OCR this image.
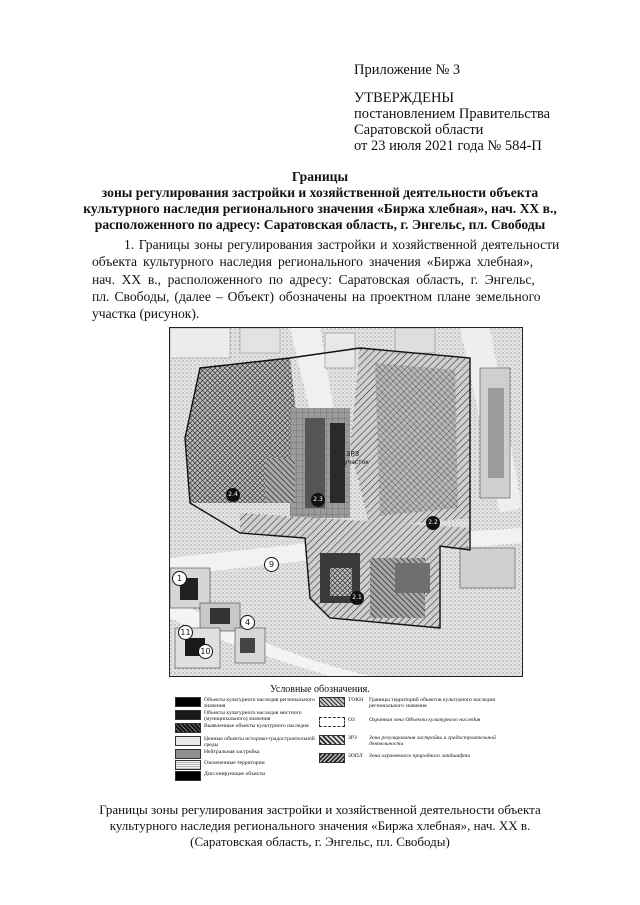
Приложение № 3
УТВЕРЖДЕНЫ
постановлением Правительства
Саратовской области
от 23 июля 2021 года № 584-П
Границы
зоны регулирования застройки и хозяйственной деятельности объекта
культурного наследия регионального значения «Биржа хлебная», нач. XX в.,
расположенного по адресу: Саратовская область, г. Энгельс, пл. Свободы
1. Границы зоны регулирования застройки и хозяйственной деятельности
объекта культурного наследия регионального значения «Биржа хлебная»,
нач. XX в., расположенного по адресу: Саратовская область, г. Энгельс,
пл. Свободы, (далее – Объект) обозначены на проектном плане земельного
участка (рисунок).
ЗРЗ
участок
2.4
2.3
2.2
2.1
1
4
9
10
11
Условные обозначения.
Объекты культурного наследия регионального значения
Объекты культурного наследия местного (муниципального) значения
Выявленные объекты культурного наследия
Ценные объекты историко-градостроительной среды
Нейтральная застройка
Озелененные территории
Диссонирующие объекты
ТОКН	Границы территорий объектов культурного наследия регионального значения
ОЗ	Охранная зона Объекта культурного наследия
ЗРЗ	Зона регулирования застройки и градостроительной деятельности
ЗОПЛ	Зона охраняемого природного ландшафта
Границы зоны регулирования застройки и хозяйственной деятельности объекта
культурного наследия регионального значения «Биржа хлебная», нач. XX в.
(Саратовская область, г. Энгельс, пл. Свободы)
